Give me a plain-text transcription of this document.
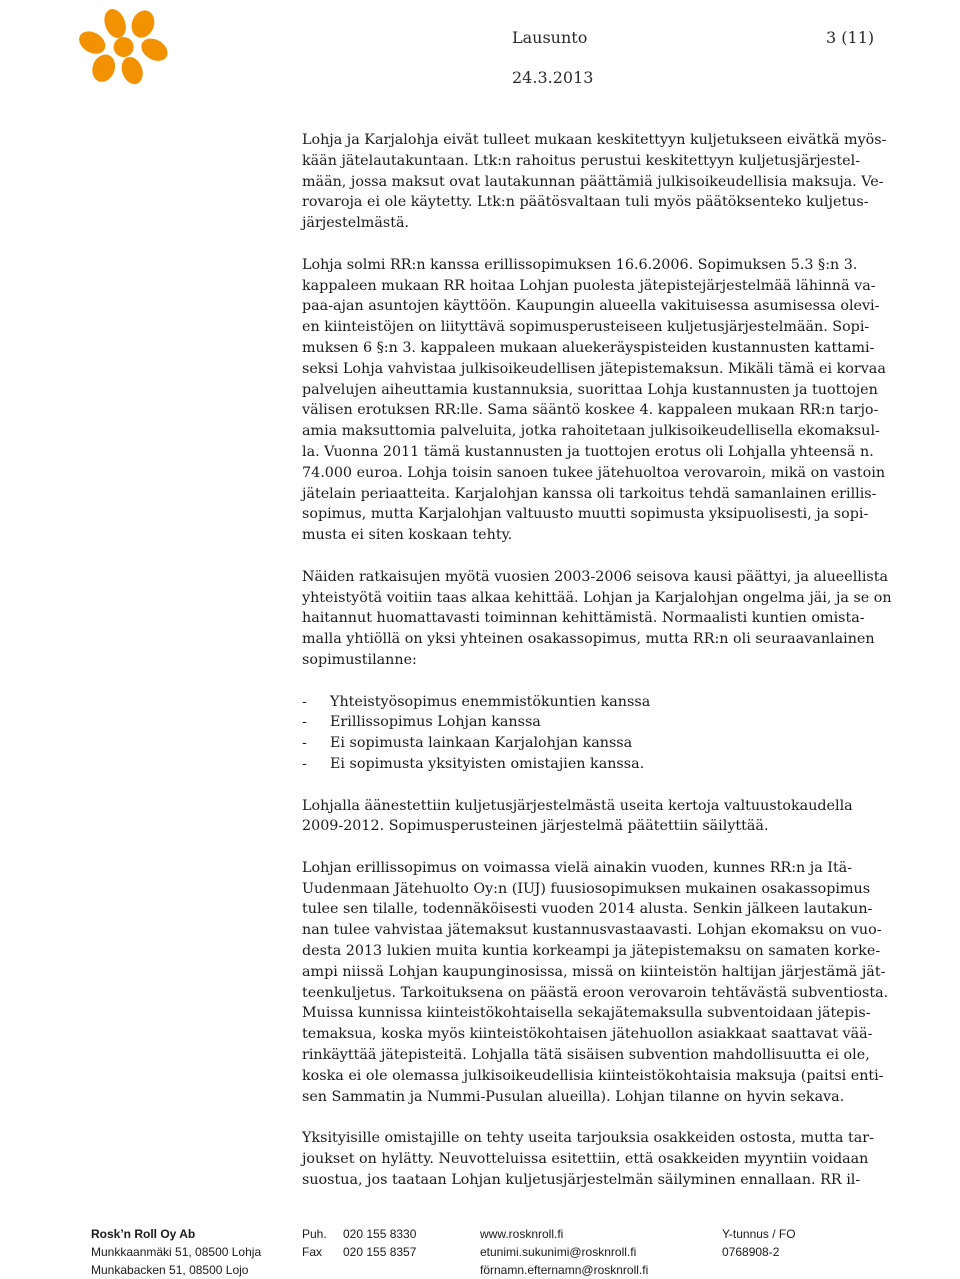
Lausunto	3 (11)
24.3.2013

Lohja ja Karjalohja eivät tulleet mukaan keskitettyyn kuljetukseen eivätkä myös-
kään jätelautakuntaan. Ltk:n rahoitus perustui keskitettyyn kuljetusjärjestel-
mään, jossa maksut ovat lautakunnan päättämiä julkisoikeudellisia maksuja. Ve-
rovaroja ei ole käytetty. Ltk:n päätösvaltaan tuli myös päätöksenteko kuljetus-
järjestelmästä.

Lohja solmi RR:n kanssa erillissopimuksen 16.6.2006. Sopimuksen 5.3 §:n 3.
kappaleen mukaan RR hoitaa Lohjan puolesta jätepistejärjestelmää lähinnä va-
paa-ajan asuntojen käyttöön. Kaupungin alueella vakituisessa asumisessa olevi-
en kiinteistöjen on liityttävä sopimusperusteiseen kuljetusjärjestelmään. Sopi-
muksen 6 §:n 3. kappaleen mukaan aluekeräyspisteiden kustannusten kattami-
seksi Lohja vahvistaa julkisoikeudellisen jätepistemaksun. Mikäli tämä ei korvaa
palvelujen aiheuttamia kustannuksia, suorittaa Lohja kustannusten ja tuottojen
välisen erotuksen RR:lle. Sama sääntö koskee 4. kappaleen mukaan RR:n tarjo-
amia maksuttomia palveluita, jotka rahoitetaan julkisoikeudellisella ekomaksul-
la. Vuonna 2011 tämä kustannusten ja tuottojen erotus oli Lohjalla yhteensä n.
74.000 euroa. Lohja toisin sanoen tukee jätehuoltoa verovaroin, mikä on vastoin
jätelain periaatteita. Karjalohjan kanssa oli tarkoitus tehdä samanlainen erillis-
sopimus, mutta Karjalohjan valtuusto muutti sopimusta yksipuolisesti, ja sopi-
musta ei siten koskaan tehty.

Näiden ratkaisujen myötä vuosien 2003-2006 seisova kausi päättyi, ja alueellista
yhteistyötä voitiin taas alkaa kehittää. Lohjan ja Karjalohjan ongelma jäi, ja se on
haitannut huomattavasti toiminnan kehittämistä. Normaalisti kuntien omista-
malla yhtiöllä on yksi yhteinen osakassopimus, mutta RR:n oli seuraavanlainen
sopimustilanne:

-	Yhteistyösopimus enemmistökuntien kanssa
-	Erillissopimus Lohjan kanssa
-	Ei sopimusta lainkaan Karjalohjan kanssa
-	Ei sopimusta yksityisten omistajien kanssa.

Lohjalla äänestettiin kuljetusjärjestelmästä useita kertoja valtuustokaudella
2009-2012. Sopimusperusteinen järjestelmä päätettiin säilyttää.

Lohjan erillissopimus on voimassa vielä ainakin vuoden, kunnes RR:n ja Itä-
Uudenmaan Jätehuolto Oy:n (IUJ) fuusiosopimuksen mukainen osakassopimus
tulee sen tilalle, todennäköisesti vuoden 2014 alusta. Senkin jälkeen lautakun-
nan tulee vahvistaa jätemaksut kustannusvastaavasti. Lohjan ekomaksu on vuo-
desta 2013 lukien muita kuntia korkeampi ja jätepistemaksu on samaten korke-
ampi niissä Lohjan kaupunginosissa, missä on kiinteistön haltijan järjestämä jät-
teenkuljetus. Tarkoituksena on päästä eroon verovaroin tehtävästä subventiosta.
Muissa kunnissa kiinteistökohtaisella sekajätemaksulla subventoidaan jätepis-
temaksua, koska myös kiinteistökohtaisen jätehuollon asiakkaat saattavat vää-
rinkäyttää jätepisteitä. Lohjalla tätä sisäisen subvention mahdollisuutta ei ole,
koska ei ole olemassa julkisoikeudellisia kiinteistökohtaisia maksuja (paitsi enti-
sen Sammatin ja Nummi-Pusulan alueilla). Lohjan tilanne on hyvin sekava.

Yksityisille omistajille on tehty useita tarjouksia osakkeiden ostosta, mutta tar-
joukset on hylätty. Neuvotteluissa esitettiin, että osakkeiden myyntiin voidaan
suostua, jos taataan Lohjan kuljetusjärjestelmän säilyminen ennallaan. RR il-

Rosk’n Roll Oy Ab
Munkkaanmäki 51, 08500 Lohja
Munkabacken 51, 08500 Lojo
Puh.
Fax
020 155 8330
020 155 8357
www.rosknroll.fi
etunimi.sukunimi@rosknroll.fi
förnamn.efternamn@rosknroll.fi
Y-tunnus / FO
0768908-2
